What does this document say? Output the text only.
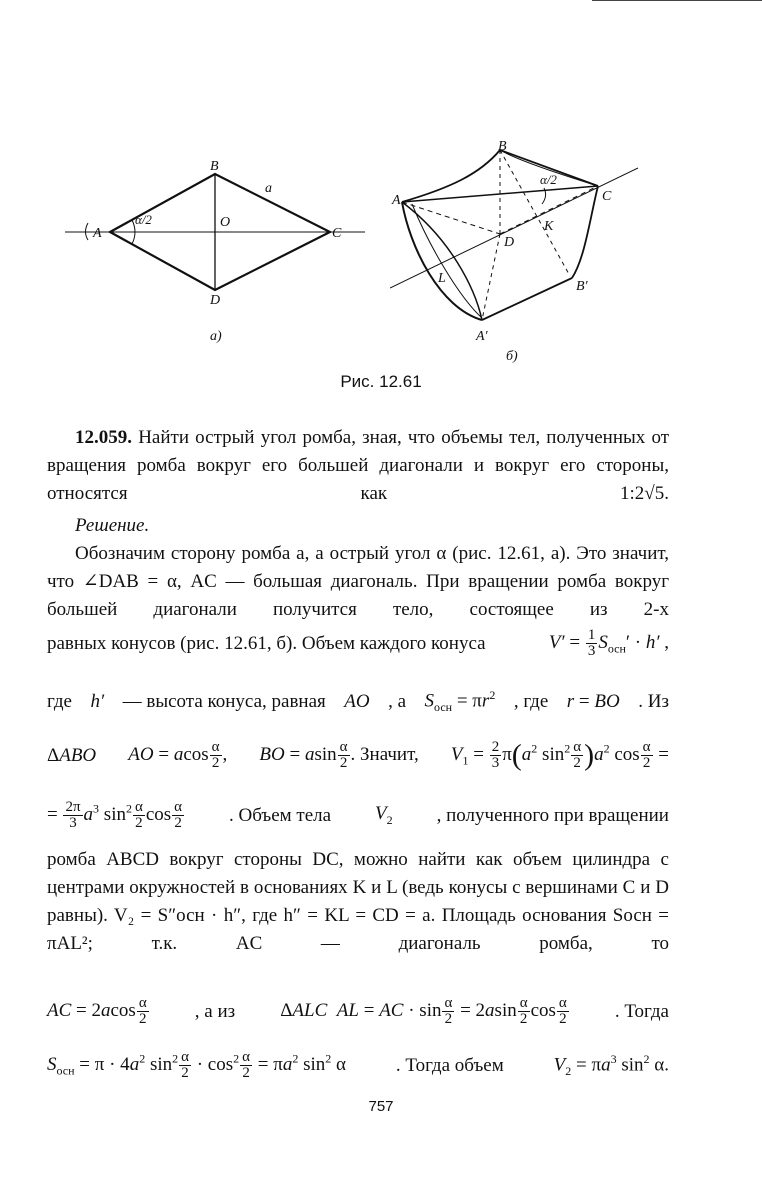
A
B
C
D
O
a
α/2
a)
A
B
C
D
K
L
A′
B′
α/2
б)
Рис. 12.61
12.059. Найти острый угол ромба, зная, что объемы тел, полученных от вращения ромба вокруг его большей диагонали и вокруг его стороны, относятся как	1:2√5.
Решение.
Обозначим сторону ромба a, а острый угол α (рис. 12.61, a). Это значит, что ∠DAB = α, AC — большая диагональ. При вращении ромба вокруг большей диагонали получится тело, состоящее из 2-х
равных конусов (рис. 12.61, б). Объем каждого конуса	$V' = \frac{1}{3} S_{осн}' \cdot h'$ ,
где h′ — высота конуса, равная AO , а $S_{осн} = \pi r^2$ , где r = BO . Из
ΔABO AO = acos $\frac{\alpha}{2}$ , BO = asin $\frac{\alpha}{2}$ . Значит, $V_1 = \frac{2}{3} \pi(a^2$ $\sin^2 \frac{\alpha}{2} )a^2$ $\cos \frac{\alpha}{2}$ =
= $\frac{2\pi}{3} a^3$ $\sin^2 \frac{\alpha}{2}$ $\cos \frac{\alpha}{2}$ . Объем тела $V_2$ , полученного при вращении
ромба ABCD вокруг стороны DC, можно найти как объем цилиндра с центрами окружностей в основаниях K и L (ведь конусы с вершинами C и D равны). V₂ = S″осн · h″, где h″ = KL = CD = a. Площадь основания Sосн = πAL²; т.к. AC — диагональ ромба, то
AC = $2acos \frac{\alpha}{2}$ , а из ΔALC AL = AC · $\sin \frac{\alpha}{2} = 2asin \frac{\alpha}{2}$ $\cos \frac{\alpha}{2}$ . Тогда
$S_{осн} = \pi \cdot 4a^2$ $\sin^2 \frac{\alpha}{2} \cdot \cos^2 \frac{\alpha}{2} = \pi a^2$ $\sin^2 \alpha$	. Тогда объем	$V_2 = \pi a^3$ $\sin^2 \alpha$.
757
